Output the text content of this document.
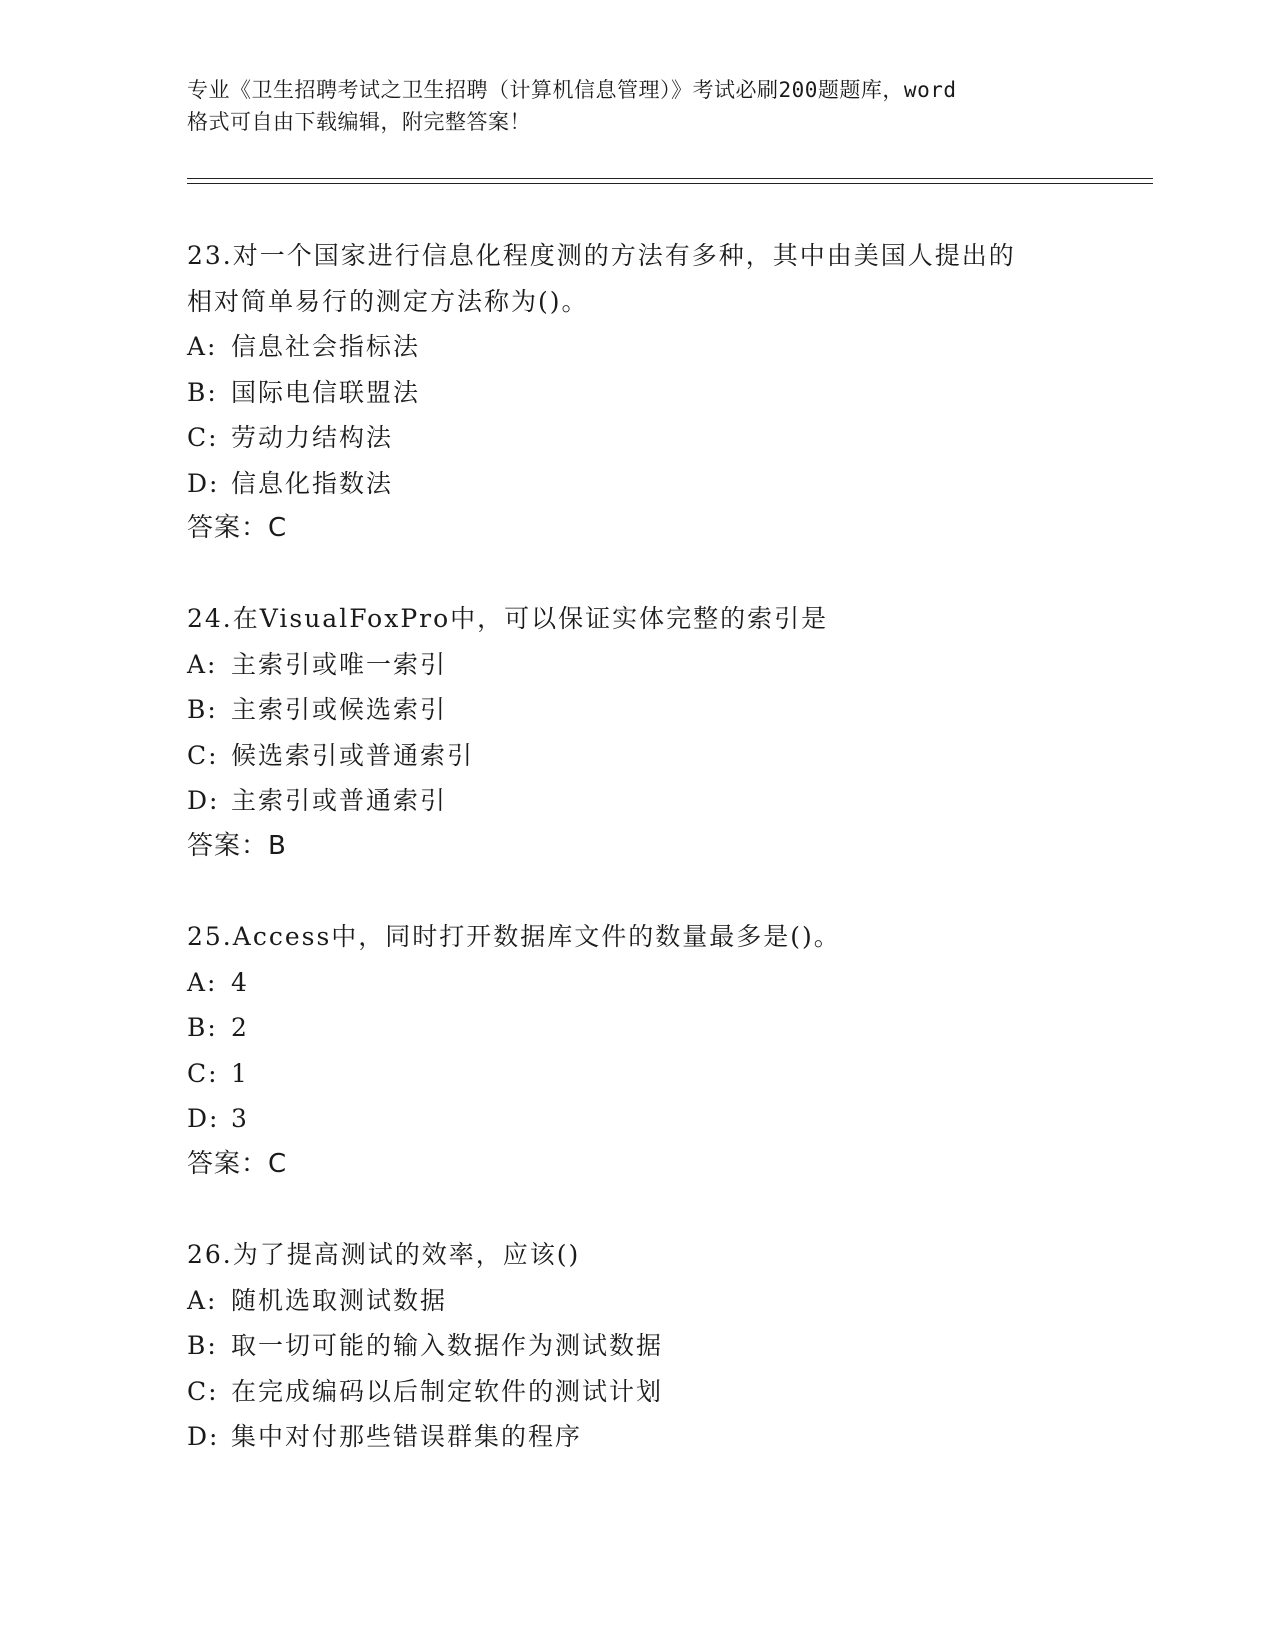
专业《卫生招聘考试之卫生招聘（计算机信息管理）》考试必刷200题题库，word
格式可自由下载编辑，附完整答案！
23.对一个国家进行信息化程度测的方法有多种，其中由美国人提出的
相对简单易行的测定方法称为()。
A: 信息社会指标法
B: 国际电信联盟法
C: 劳动力结构法
D: 信息化指数法
答案：C
24.在VisualFoxPro中，可以保证实体完整的索引是
A: 主索引或唯一索引
B: 主索引或候选索引
C: 候选索引或普通索引
D: 主索引或普通索引
答案：B
25.Access中，同时打开数据库文件的数量最多是()。
A: 4
B: 2
C: 1
D: 3
答案：C
26.为了提高测试的效率，应该()
A: 随机选取测试数据
B: 取一切可能的输入数据作为测试数据
C: 在完成编码以后制定软件的测试计划
D: 集中对付那些错误群集的程序
